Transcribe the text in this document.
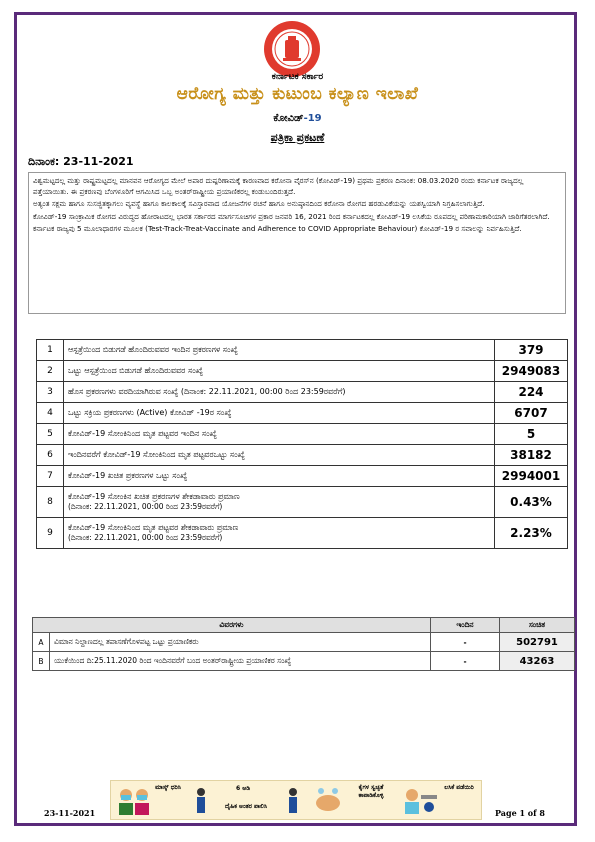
ಕರ್ನಾಟಕ ಸರ್ಕಾರ
ಆರೋಗ್ಯ ಮತ್ತು ಕುಟುಂಬ ಕಲ್ಯಾಣ ಇಲಾಖೆ
ಕೋವಿಡ್-19
ಪತ್ರಿಕಾ ಪ್ರಕಟಣೆ
ದಿನಾಂಕ: 23-11-2021

ವಿಶ್ವಮಟ್ಟದಲ್ಲ ಮತ್ತು ರಾಷ್ಟ್ರಮಟ್ಟದಲ್ಲ ಮಾನವನ ಆರೋಗ್ಯದ ಮೇಲೆ ಅಪಾರ ದುಷ್ಪರಿಣಾಮಕ್ಕೆ ಕಾರಣವಾದ ಕರೋನಾ ವೈರಸ್‌ನ (ಕೋವಿಡ್-19) ಪ್ರಥಮ ಪ್ರಕರಣ ದಿನಾಂಕ: 08.03.2020 ರಂದು ಕರ್ನಾಟಕ ರಾಜ್ಯದಲ್ಲ ಪತ್ತೆಯಾಯಿತು. ಈ ಪ್ರಕರಣವು ಬೆಂಗಳೂರಿಗೆ ಆಗಮಿಸಿದ ಒಬ್ಬ ಅಂತರ್‌ರಾಷ್ಟ್ರೀಯ ಪ್ರಯಾಣಿಕರಲ್ಲ ಕಂಡುಬಂದಿರುತ್ತದೆ.

ಅತ್ಯಂತ ಸಕ್ಷಮ ಹಾಗೂ ಸುಸಜ್ಜಿತಕ್ಕಾಗಲು ವ್ಯವಸ್ಥೆ ಹಾಗೂ ಕಾಲಕಾಲಕ್ಕೆ ಸವಿಸ್ತಾರವಾದ ಯೋಜನೆಗಳ ರಚನೆ ಹಾಗೂ ಅನುಷ್ಠಾನದಿಂದ ಕರೋನಾ ರೋಗದ ಹರಡುವಿಕೆಯನ್ನು ಯಶಸ್ವಿಯಾಗಿ ನಿಗ್ರಹಿಸಲಾಗುತ್ತಿದೆ.

ಕೋವಿಡ್-19 ಸಾಂಕ್ರಾಮಿಕ ರೋಗದ ವಿರುದ್ಧದ ಹೋರಾಟದಲ್ಲ ಭಾರತ ಸರ್ಕಾರದ ಮಾರ್ಗಸೂಚಿಗಳ ಪ್ರಕಾರ ಜನವರಿ 16, 2021 ರಿಂದ ಕರ್ನಾಟಕದಲ್ಲ ಕೋವಿಡ್-19 ಲಸಿಕೆಯ ರೂಪದಲ್ಲ ಪರಿಣಾಮಕಾರಿಯಾಗಿ ಜಾರಿಗೆತರಲಾಗಿದೆ.

ಕರ್ನಾಟಕ ರಾಜ್ಯವು 5 ಮೂಲಾಧಾರಗಳ ಮೂಲಕ (Test-Track-Treat-Vaccinate and Adherence to COVID Appropriate Behaviour) ಕೋವಿಡ್-19 ರ ಸವಾಲನ್ನು ನಿರ್ವಹಿಸುತ್ತಿದೆ.

1	ಆಸ್ಪತ್ರೆಯಿಂದ ಬಿಡುಗಡೆ ಹೊಂದಿರುವವರ ಇಂದಿನ ಪ್ರಕರಣಗಳ ಸಂಖ್ಯೆ	379
2	ಒಟ್ಟು ಆಸ್ಪತ್ರೆಯಿಂದ ಬಿಡುಗಡೆ ಹೊಂದಿರುವವರ ಸಂಖ್ಯೆ	2949083
3	ಹೊಸ ಪ್ರಕರಣಗಳು ವರದಿಯಾಗಿರುವ ಸಂಖ್ಯೆ (ದಿನಾಂಕ: 22.11.2021, 00:00 ರಿಂದ 23:59ರವರೆಗೆ)	224
4	ಒಟ್ಟು ಸಕ್ರಿಯ ಪ್ರಕರಣಗಳು (Active) ಕೋವಿಡ್ -19ರ ಸಂಖ್ಯೆ	6707
5	ಕೋವಿಡ್-19 ಸೋಂಕಿನಿಂದ ಮೃತ ಪಟ್ಟವರ ಇಂದಿನ ಸಂಖ್ಯೆ	5
6	ಇಂದಿನವರೆಗೆ ಕೋವಿಡ್-19 ಸೋಂಕಿನಿಂದ ಮೃತ ಪಟ್ಟವರಒಟ್ಟು ಸಂಖ್ಯೆ	38182
7	ಕೋವಿಡ್-19 ಖಚಿತ ಪ್ರಕರಣಗಳ ಒಟ್ಟು ಸಂಖ್ಯೆ	2994001
8	ಕೋವಿಡ್-19 ಸೋಂಕಿನ ಖಚಿತ ಪ್ರಕರಣಗಳ ಶೇಕಡಾವಾರು ಪ್ರಮಾಣ
(ದಿನಾಂಕ: 22.11.2021, 00:00 ರಿಂದ 23:59ರವರೆಗೆ)	0.43%
9	ಕೋವಿಡ್-19 ಸೋಂಕಿನಿಂದ ಮೃತ ಪಟ್ಟವರ ಶೇಕಡಾವಾರು ಪ್ರಮಾಣ
(ದಿನಾಂಕ: 22.11.2021, 00:00 ರಿಂದ 23:59ರವರೆಗೆ)	2.23%
ವಿವರಗಳು		ಇಂದಿನ	ಸಂಚಿತ
A	ವಿಮಾನ ನಿಲ್ದಾಣದಲ್ಲ ತಪಾಸಣೆಗೊಳಪಟ್ಟ ಒಟ್ಟು ಪ್ರಯಾಣಿಕರು	-	502791
B	ಯುಕೆಯಿಂದ ದಿ:25.11.2020 ರಿಂದ ಇಂದಿನವರೆಗೆ ಬಂದ ಅಂತರ್‌ರಾಷ್ಟ್ರೀಯ ಪ್ರಯಾಣಿಕರ ಸಂಖ್ಯೆ	-	43263
ಮಾಸ್ಕ್ ಧರಿಸಿ	6 ಅಡಿ
ದೈಹಿಕ ಅಂತರ ಪಾಲಿಸಿ
ಕೈಗಳ ಸ್ವಚ್ಛತೆ ಕಾಪಾಡಿಕೊಳ್ಳಿ
ಲಸಿಕೆ ಪಡೆಯಿರಿ
23-11-2021	Page 1 of 8
